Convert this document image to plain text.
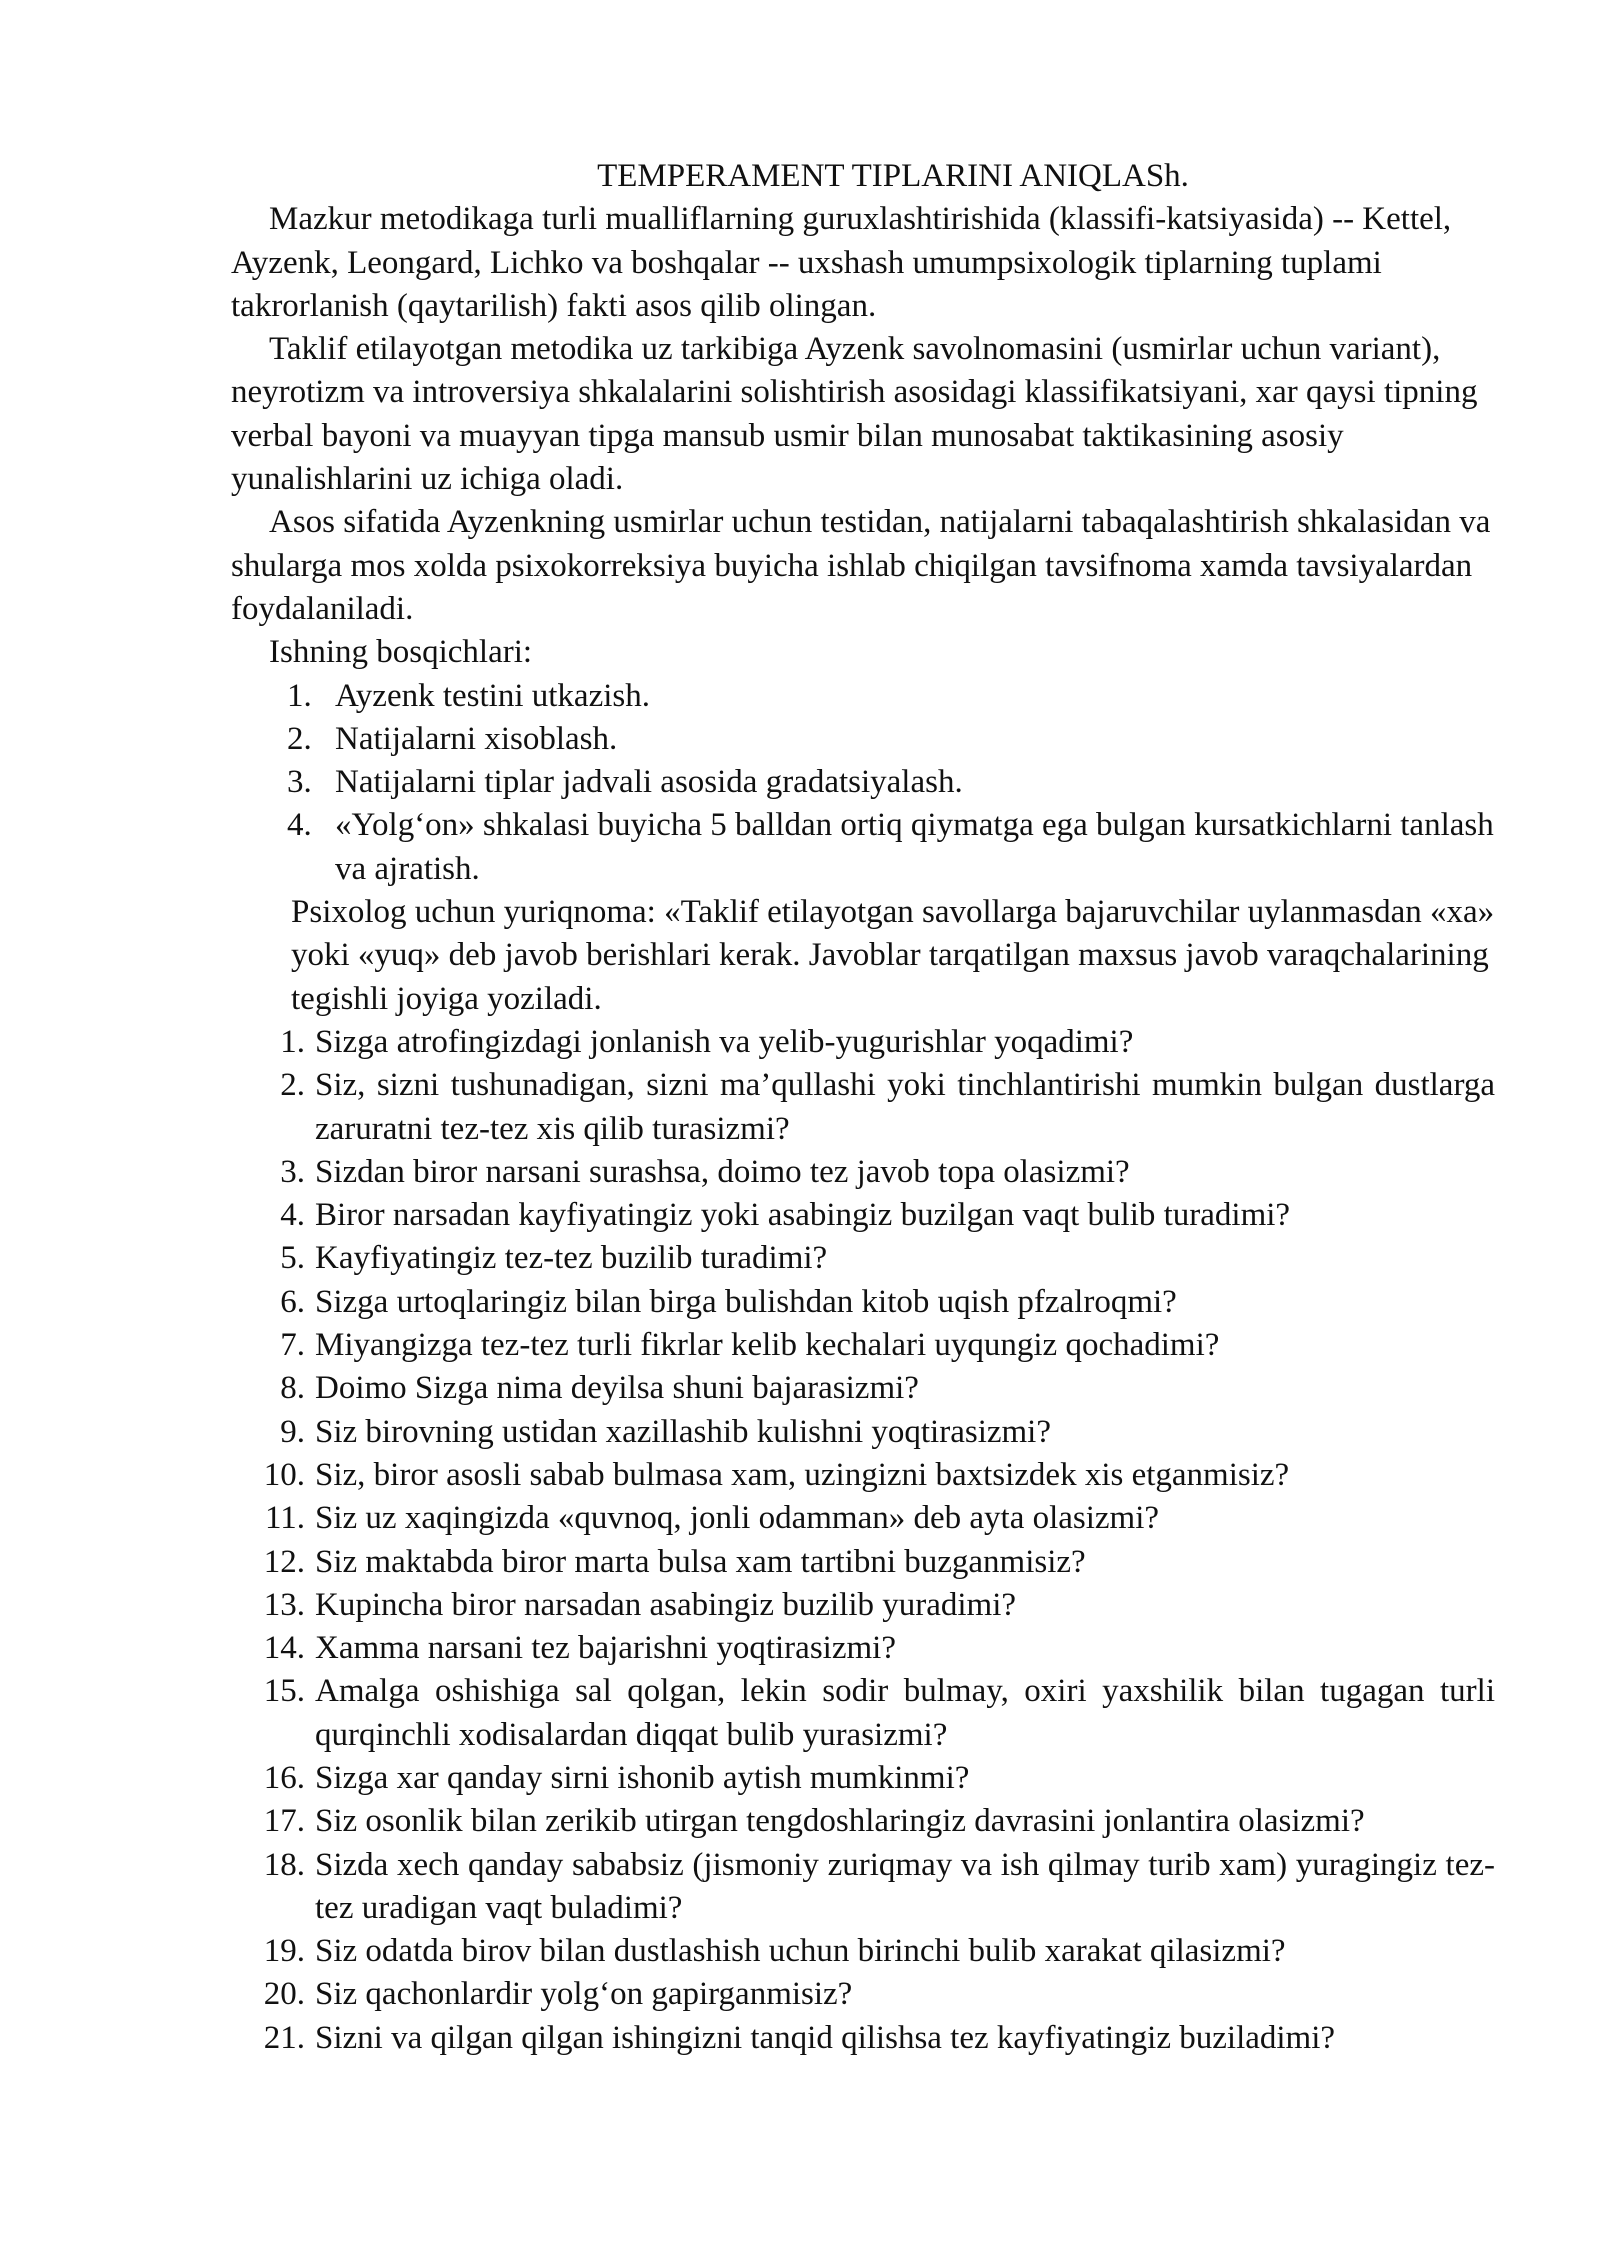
TEMPERAMENT TIPLARINI ANIQLASh.

Mazkur metodikaga turli mualliflarning guruxlashtirishida (klassifi-katsiyasida) -- Kettel, Ayzenk, Leongard, Lichko va boshqalar -- uxshash umumpsixologik tiplarning tuplami takrorlanish (qaytarilish) fakti asos qilib olingan.

Taklif etilayotgan metodika uz tarkibiga Ayzenk savolnomasini (usmirlar uchun variant), neyrotizm va introversiya shkalalarini solishtirish asosidagi klassifikatsiyani, xar qaysi tipning verbal bayoni va muayyan tipga mansub usmir bilan munosabat taktikasining asosiy yunalishlarini uz ichiga oladi.

Asos sifatida Ayzenkning usmirlar uchun testidan, natijalarni tabaqalashtirish shkalasidan va shularga mos xolda psixokorreksiya buyicha ishlab chiqilgan tavsifnoma xamda tavsiyalardan foydalaniladi.

Ishning bosqichlari:

1. Ayzenk testini utkazish.
2. Natijalarni xisoblash.
3. Natijalarni tiplar jadvali asosida gradatsiyalash.
4. «Yolg‘on» shkalasi buyicha 5 balldan ortiq qiymatga ega bulgan kursatkichlarni tanlash va ajratish.

Psixolog uchun yuriqnoma: «Taklif etilayotgan savollarga bajaruvchilar uylanmasdan «xa» yoki «yuq» deb javob berishlari kerak. Javoblar tarqatilgan maxsus javob varaqchalarining tegishli joyiga yoziladi.

1. Sizga atrofingizdagi jonlanish va yelib-yugurishlar yoqadimi?
2. Siz, sizni tushunadigan, sizni ma’qullashi yoki tinchlantirishi mumkin bulgan dustlarga zaruratni tez-tez xis qilib turasizmi?
3. Sizdan biror narsani surashsa, doimo tez javob topa olasizmi?
4. Biror narsadan kayfiyatingiz yoki asabingiz buzilgan vaqt bulib turadimi?
5. Kayfiyatingiz tez-tez buzilib turadimi?
6. Sizga urtoqlaringiz bilan birga bulishdan kitob uqish pfzalroqmi?
7. Miyangizga tez-tez turli fikrlar kelib kechalari uyqungiz qochadimi?
8. Doimo Sizga nima deyilsa shuni bajarasizmi?
9. Siz birovning ustidan xazillashib kulishni yoqtirasizmi?
10. Siz, biror asosli sabab bulmasa xam, uzingizni baxtsizdek xis etganmisiz?
11. Siz uz xaqingizda «quvnoq, jonli odamman» deb ayta olasizmi?
12. Siz maktabda biror marta bulsa xam tartibni buzganmisiz?
13. Kupincha biror narsadan asabingiz buzilib yuradimi?
14. Xamma narsani tez bajarishni yoqtirasizmi?
15. Amalga oshishiga sal qolgan, lekin sodir bulmay, oxiri yaxshilik bilan tugagan turli qurqinchli xodisalardan diqqat bulib yurasizmi?
16. Sizga xar qanday sirni ishonib aytish mumkinmi?
17. Siz osonlik bilan zerikib utirgan tengdoshlaringiz davrasini jonlantira olasizmi?
18. Sizda xech qanday sababsiz (jismoniy zuriqmay va ish qilmay turib xam) yuragingiz tez-tez uradigan vaqt buladimi?
19. Siz odatda birov bilan dustlashish uchun birinchi bulib xarakat qilasizmi?
20. Siz qachonlardir yolg‘on gapirganmisiz?
21. Sizni va qilgan qilgan ishingizni tanqid qilishsa tez kayfiyatingiz buziladimi?
